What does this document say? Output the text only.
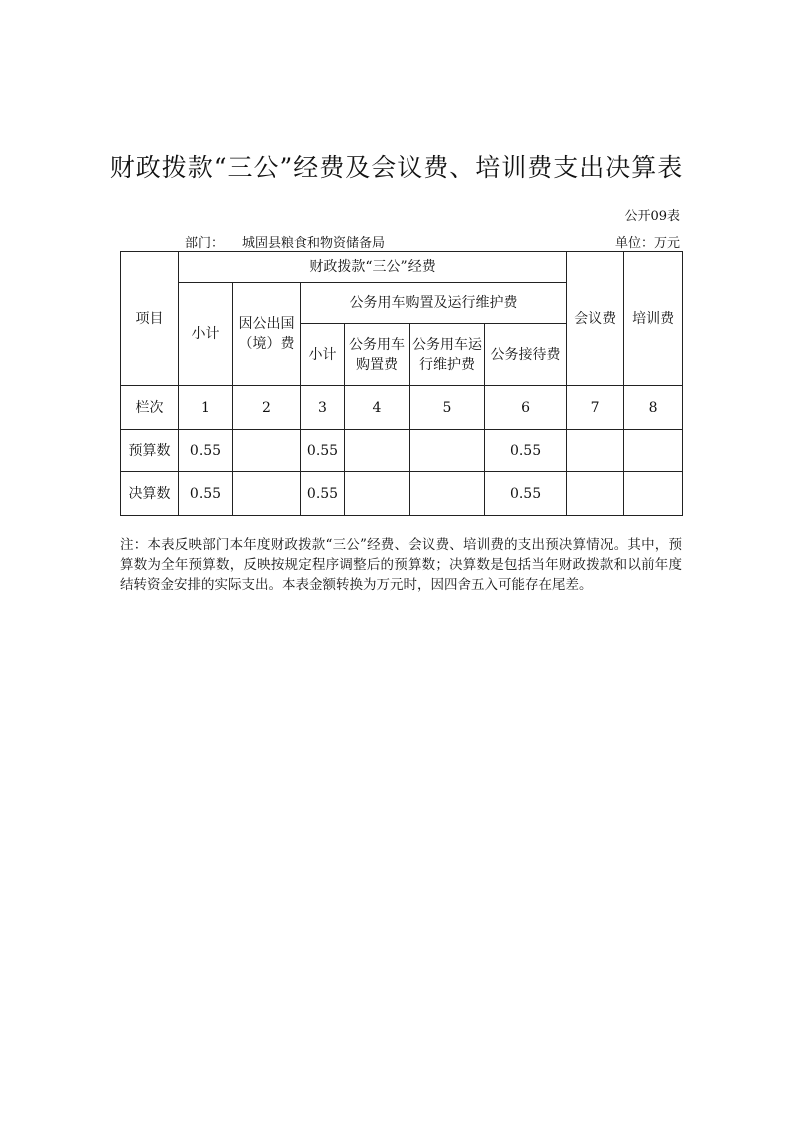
财政拨款“三公”经费及会议费、培训费支出决算表
公开09表
部门： 城固县粮食和物资储备局	单位：万元
项目	财政拨款“三公”经费						会议费	培训费
	小计	因公出国（境）费	公务用车购置及运行维护费					
			小计	公务用车购置费	公务用车运行维护费	公务接待费		
栏次	1	2	3	4	5	6	7	8
预算数	0.55		0.55			0.55		
决算数	0.55		0.55			0.55		
注：本表反映部门本年度财政拨款“三公”经费、会议费、培训费的支出预决算情况。其中，预算数为全年预算数，反映按规定程序调整后的预算数；决算数是包括当年财政拨款和以前年度结转资金安排的实际支出。本表金额转换为万元时，因四舍五入可能存在尾差。
